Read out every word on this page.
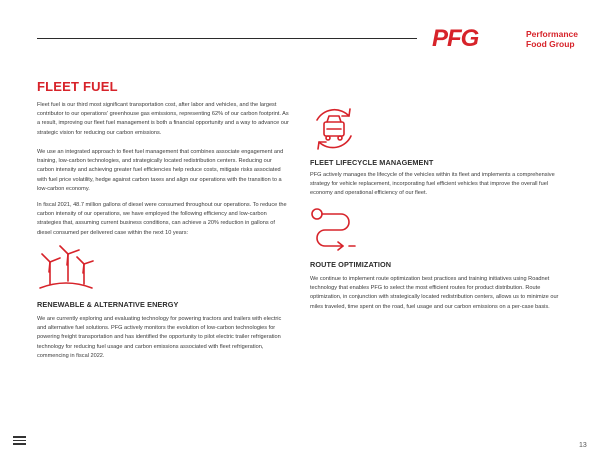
PFG	Performance
Food Group
FLEET FUEL

Fleet fuel is our third most significant transportation cost, after labor and vehicles, and the largest contributor to our operations' greenhouse gas emissions, representing 62% of our carbon footprint. As a result, improving our fleet fuel management is both a financial opportunity and a way to advance our strategic vision for reducing our carbon emissions.

We use an integrated approach to fleet fuel management that combines associate engagement and training, low-carbon technologies, and strategically located redistribution centers. Reducing our carbon intensity and achieving greater fuel efficiencies help reduce costs, mitigate risks associated with fuel price volatility, hedge against carbon taxes and align our operations with the transition to a low-carbon economy.

In fiscal 2021, 48.7 million gallons of diesel were consumed throughout our operations. To reduce the carbon intensity of our operations, we have employed the following efficiency and low-carbon strategies that, assuming current business conditions, can achieve a 20% reduction in gallons of diesel consumed per delivered case within the next 10 years:

RENEWABLE & ALTERNATIVE ENERGY

We are currently exploring and evaluating technology for powering tractors and trailers with electric and alternative fuel solutions. PFG actively monitors the evolution of low-carbon technologies for powering freight transportation and has identified the opportunity to pilot electric trailer refrigeration technology for reducing fuel usage and carbon emissions associated with fleet refrigeration, commencing in fiscal 2022.

FLEET LIFECYCLE MANAGEMENT

PFG actively manages the lifecycle of the vehicles within its fleet and implements a comprehensive strategy for vehicle replacement, incorporating fuel efficient vehicles that improve the overall fuel economy and operational efficiency of our fleet.

ROUTE OPTIMIZATION

We continue to implement route optimization best practices and training initiatives using Roadnet technology that enables PFG to select the most efficient routes for product distribution. Route optimization, in conjunction with strategically located redistribution centers, allows us to minimize our miles traveled, time spent on the road, fuel usage and our carbon emissions on a per-case basis.

13
